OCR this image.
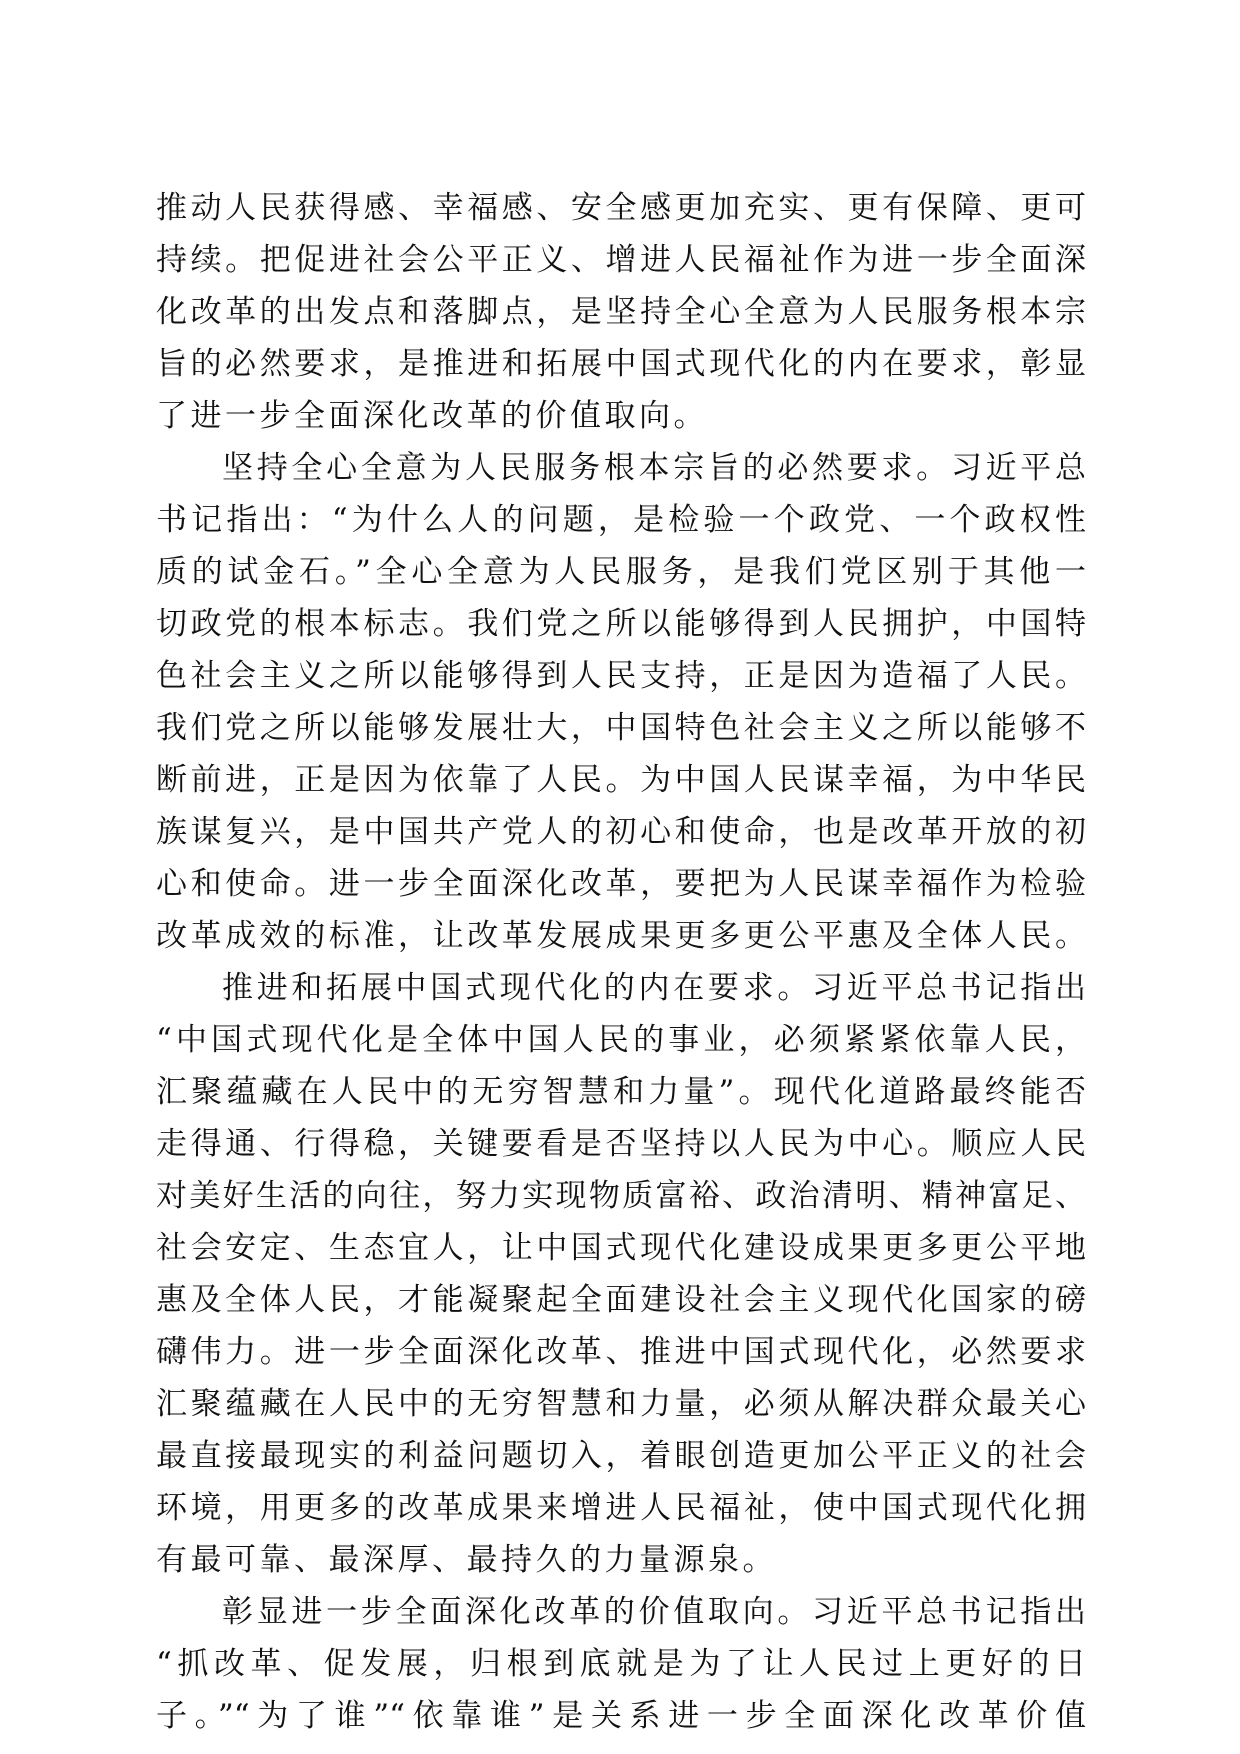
推动人民获得感、幸福感、安全感更加充实、更有保障、更可
持续。把促进社会公平正义、增进人民福祉作为进一步全面深
化改革的出发点和落脚点，是坚持全心全意为人民服务根本宗
旨的必然要求，是推进和拓展中国式现代化的内在要求，彰显
了进一步全面深化改革的价值取向。
坚持全心全意为人民服务根本宗旨的必然要求。习近平总
书记指出：“为什么人的问题，是检验一个政党、一个政权性
质的试金石。”全心全意为人民服务，是我们党区别于其他一
切政党的根本标志。我们党之所以能够得到人民拥护，中国特
色社会主义之所以能够得到人民支持，正是因为造福了人民。
我们党之所以能够发展壮大，中国特色社会主义之所以能够不
断前进，正是因为依靠了人民。为中国人民谋幸福，为中华民
族谋复兴，是中国共产党人的初心和使命，也是改革开放的初
心和使命。进一步全面深化改革，要把为人民谋幸福作为检验
改革成效的标准，让改革发展成果更多更公平惠及全体人民。
推进和拓展中国式现代化的内在要求。习近平总书记指出
“中国式现代化是全体中国人民的事业，必须紧紧依靠人民，
汇聚蕴藏在人民中的无穷智慧和力量”。现代化道路最终能否
走得通、行得稳，关键要看是否坚持以人民为中心。顺应人民
对美好生活的向往，努力实现物质富裕、政治清明、精神富足、
社会安定、生态宜人，让中国式现代化建设成果更多更公平地
惠及全体人民，才能凝聚起全面建设社会主义现代化国家的磅
礴伟力。进一步全面深化改革、推进中国式现代化，必然要求
汇聚蕴藏在人民中的无穷智慧和力量，必须从解决群众最关心
最直接最现实的利益问题切入，着眼创造更加公平正义的社会
环境，用更多的改革成果来增进人民福祉，使中国式现代化拥
有最可靠、最深厚、最持久的力量源泉。
彰显进一步全面深化改革的价值取向。习近平总书记指出
“抓改革、促发展，归根到底就是为了让人民过上更好的日
子。”“为了谁”“依靠谁”是关系进一步全面深化改革价值
